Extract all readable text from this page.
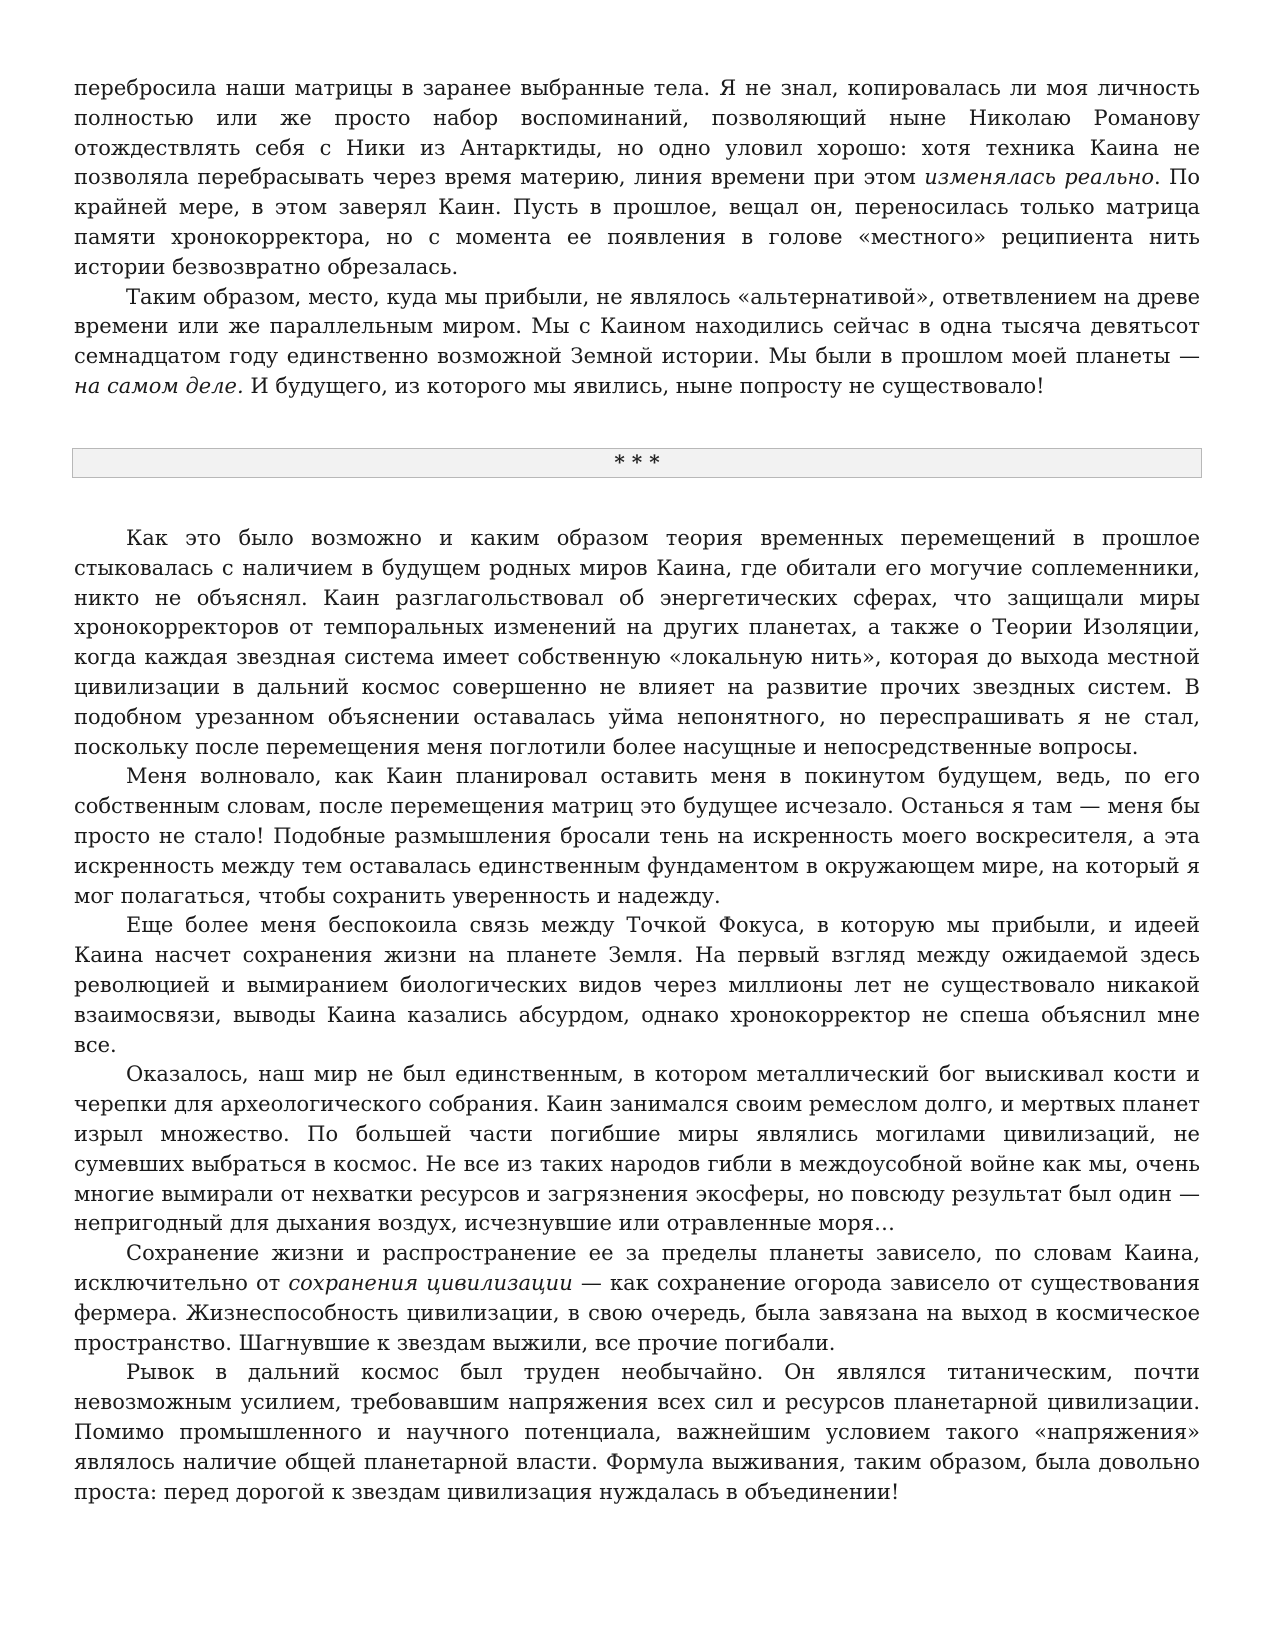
перебросила наши матрицы в заранее выбранные тела. Я не знал, копировалась ли моя личность полностью или же просто набор воспоминаний, позволяющий ныне Николаю Романову отождествлять себя с Ники из Антарктиды, но одно уловил хорошо: хотя техника Каина не позволяла перебрасывать через время материю, линия времени при этом изменялась реально. По крайней мере, в этом заверял Каин. Пусть в прошлое, вещал он, переносилась только матрица памяти хронокорректора, но с момента ее появления в голове «местного» реципиента нить истории безвозвратно обрезалась.

Таким образом, место, куда мы прибыли, не являлось «альтернативой», ответвлением на древе времени или же параллельным миром. Мы с Каином находились сейчас в одна тысяча девятьсот семнадцатом году единственно возможной Земной истории. Мы были в прошлом моей планеты — на самом деле. И будущего, из которого мы явились, ныне попросту не существовало!

* * *

Как это было возможно и каким образом теория временных перемещений в прошлое стыковалась с наличием в будущем родных миров Каина, где обитали его могучие соплеменники, никто не объяснял. Каин разглагольствовал об энергетических сферах, что защищали миры хронокорректоров от темпоральных изменений на других планетах, а также о Теории Изоляции, когда каждая звездная система имеет собственную «локальную нить», которая до выхода местной цивилизации в дальний космос совершенно не влияет на развитие прочих звездных систем. В подобном урезанном объяснении оставалась уйма непонятного, но переспрашивать я не стал, поскольку после перемещения меня поглотили более насущные и непосредственные вопросы.

Меня волновало, как Каин планировал оставить меня в покинутом будущем, ведь, по его собственным словам, после перемещения матриц это будущее исчезало. Останься я там — меня бы просто не стало! Подобные размышления бросали тень на искренность моего воскресителя, а эта искренность между тем оставалась единственным фундаментом в окружающем мире, на который я мог полагаться, чтобы сохранить уверенность и надежду.

Еще более меня беспокоила связь между Точкой Фокуса, в которую мы прибыли, и идеей Каина насчет сохранения жизни на планете Земля. На первый взгляд между ожидаемой здесь революцией и вымиранием биологических видов через миллионы лет не существовало никакой взаимосвязи, выводы Каина казались абсурдом, однако хронокорректор не спеша объяснил мне все.

Оказалось, наш мир не был единственным, в котором металлический бог выискивал кости и черепки для археологического собрания. Каин занимался своим ремеслом долго, и мертвых планет изрыл множество. По большей части погибшие миры являлись могилами цивилизаций, не сумевших выбраться в космос. Не все из таких народов гибли в междоусобной войне как мы, очень многие вымирали от нехватки ресурсов и загрязнения экосферы, но повсюду результат был один — непригодный для дыхания воздух, исчезнувшие или отравленные моря…

Сохранение жизни и распространение ее за пределы планеты зависело, по словам Каина, исключительно от сохранения цивилизации — как сохранение огорода зависело от существования фермера. Жизнеспособность цивилизации, в свою очередь, была завязана на выход в космическое пространство. Шагнувшие к звездам выжили, все прочие погибали.

Рывок в дальний космос был труден необычайно. Он являлся титаническим, почти невозможным усилием, требовавшим напряжения всех сил и ресурсов планетарной цивилизации. Помимо промышленного и научного потенциала, важнейшим условием такого «напряжения» являлось наличие общей планетарной власти. Формула выживания, таким образом, была довольно проста: перед дорогой к звездам цивилизация нуждалась в объединении!
